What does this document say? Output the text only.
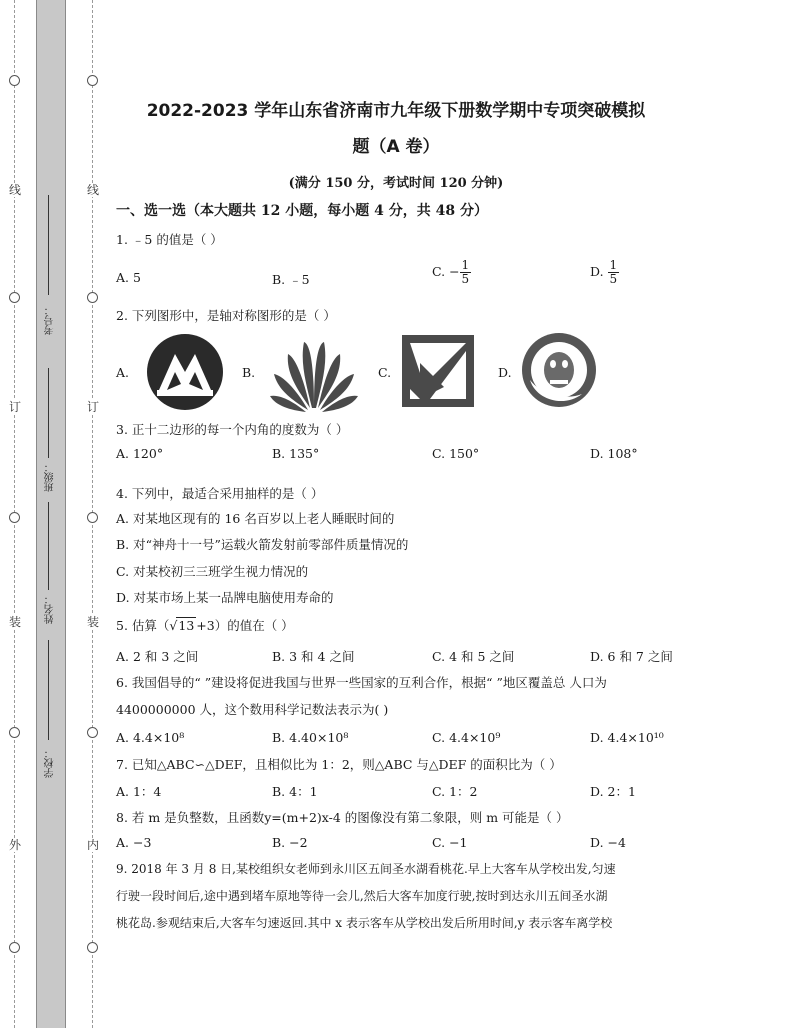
线
订
装
外
线
订
装
内
考号：
班级：
姓名：
学校：
2022-2023 学年山东省济南市九年级下册数学期中专项突破模拟
题（A 卷）
(满分 150 分，考试时间 120 分钟)
一、选一选（本大题共 12 小题，每小题 4 分，共 48 分）
1. ﹣5 的值是（ ）
A. 5	B. ﹣5
C. − $\frac{1}{5}$	D. $\frac{1}{5}$
2. 下列图形中，是轴对称图形的是（ ）
A.	B.	C.	D.
3. 正十二边形的每一个内角的度数为（ ）
A. 120°	B. 135°	C. 150°	D. 108°
4. 下列中，最适合采用抽样的是（ ）
A. 对某地区现有的 16 名百岁以上老人睡眠时间的
B. 对“神舟十一号”运载火箭发射前零部件质量情况的
C. 对某校初三三班学生视力情况的
D. 对某市场上某一品牌电脑使用寿命的
5. 估算（√13 +3）的值在（ ）
A. 2 和 3 之间	B. 3 和 4 之间	C. 4 和 5 之间	D. 6 和 7 之间
6. 我国倡导的“ ”建设将促进我国与世界一些国家的互利合作，根据“ ”地区覆盖总 人口为
4400000000 人，这个数用科学记数法表示为( )
A. 4.4×10⁸	B. 4.40×10⁸	C. 4.4×10⁹	D. 4.4×10¹⁰
7. 已知△ABC∽△DEF，且相似比为 1：2，则△ABC 与△DEF 的面积比为（ ）
A. 1：4	B. 4：1	C. 1：2	D. 2：1
8. 若 m 是负整数，且函数y=(m+2)x-4 的图像没有第二象限，则 m 可能是（ ）
A. −3	B. −2	C. −1	D. −4
9. 2018 年 3 月 8 日,某校组织女老师到永川区五间圣水湖看桃花.早上大客车从学校出发,匀速
行驶一段时间后,途中遇到堵车原地等待一会儿,然后大客车加度行驶,按时到达永川五间圣水湖
桃花岛.参观结束后,大客车匀速返回.其中 x 表示客车从学校出发后所用时间,y 表示客车离学校
